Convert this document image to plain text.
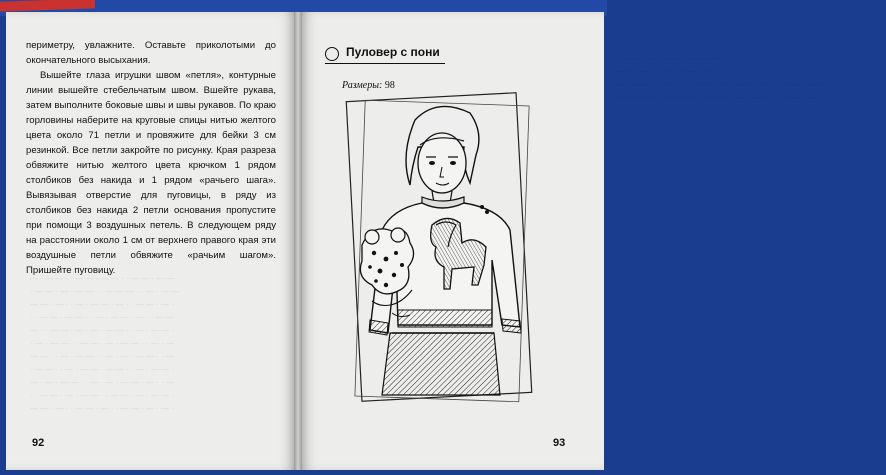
— · — — · · — — · — — · · — — · — — ·
· — — · — · — — · · — — — · · — · — —
— — · — · · — · — — · — · · — — · — ·
· · — — · — — · · — · — — · — · · — —
— · · — — · — · — · — — · · — · — — ·
· — · — — · · — — · — · — — · · — · —
— — · · — · — — · · — · — · — — · · —
· — — · · — · — — · — — · · — · — — ·
— · — · — — · · — · — · — — · — · · —
· · — — · — · — — · · — — · — · — — ·
— — · — · · — — · — · · — — · — · — ·
· — — · — · — — · · — — — ·
— — · — · · — · — — · — · ·
— · — — · · — · — · — — · · — · — — · — · · — — · — —
· — · — — · · — — · — · — — · · — · — — · · — — · — ·

периметру, увлажните. Оставьте приколотыми до окончательного высыхания.

Вышейте глаза игрушки швом «петля», контурные линии вышейте стебельчатым швом. Вшейте рукава, затем выполните боковые швы и швы рукавов. По краю горловины наберите на круговые спицы нитью желтого цвета около 71 петли и провяжите для бейки 3 см резинкой. Все петли закройте по рисунку. Края разреза обвяжите нитью желтого цвета крючком 1 рядом столбиков без накида и 1 рядом «рачьего шага». Вывязывая отверстие для пуговицы, в ряду из столбиков без накида 2 петли основания пропустите при помощи 3 воздушных петель. В следующем ряду на расстоянии около 1 см от верхнего правого края эти воздушные петли обвяжите «рачьим шагом». Пришейте пуговицу.

92
Пуловер с пони
Размеры: 98
93
